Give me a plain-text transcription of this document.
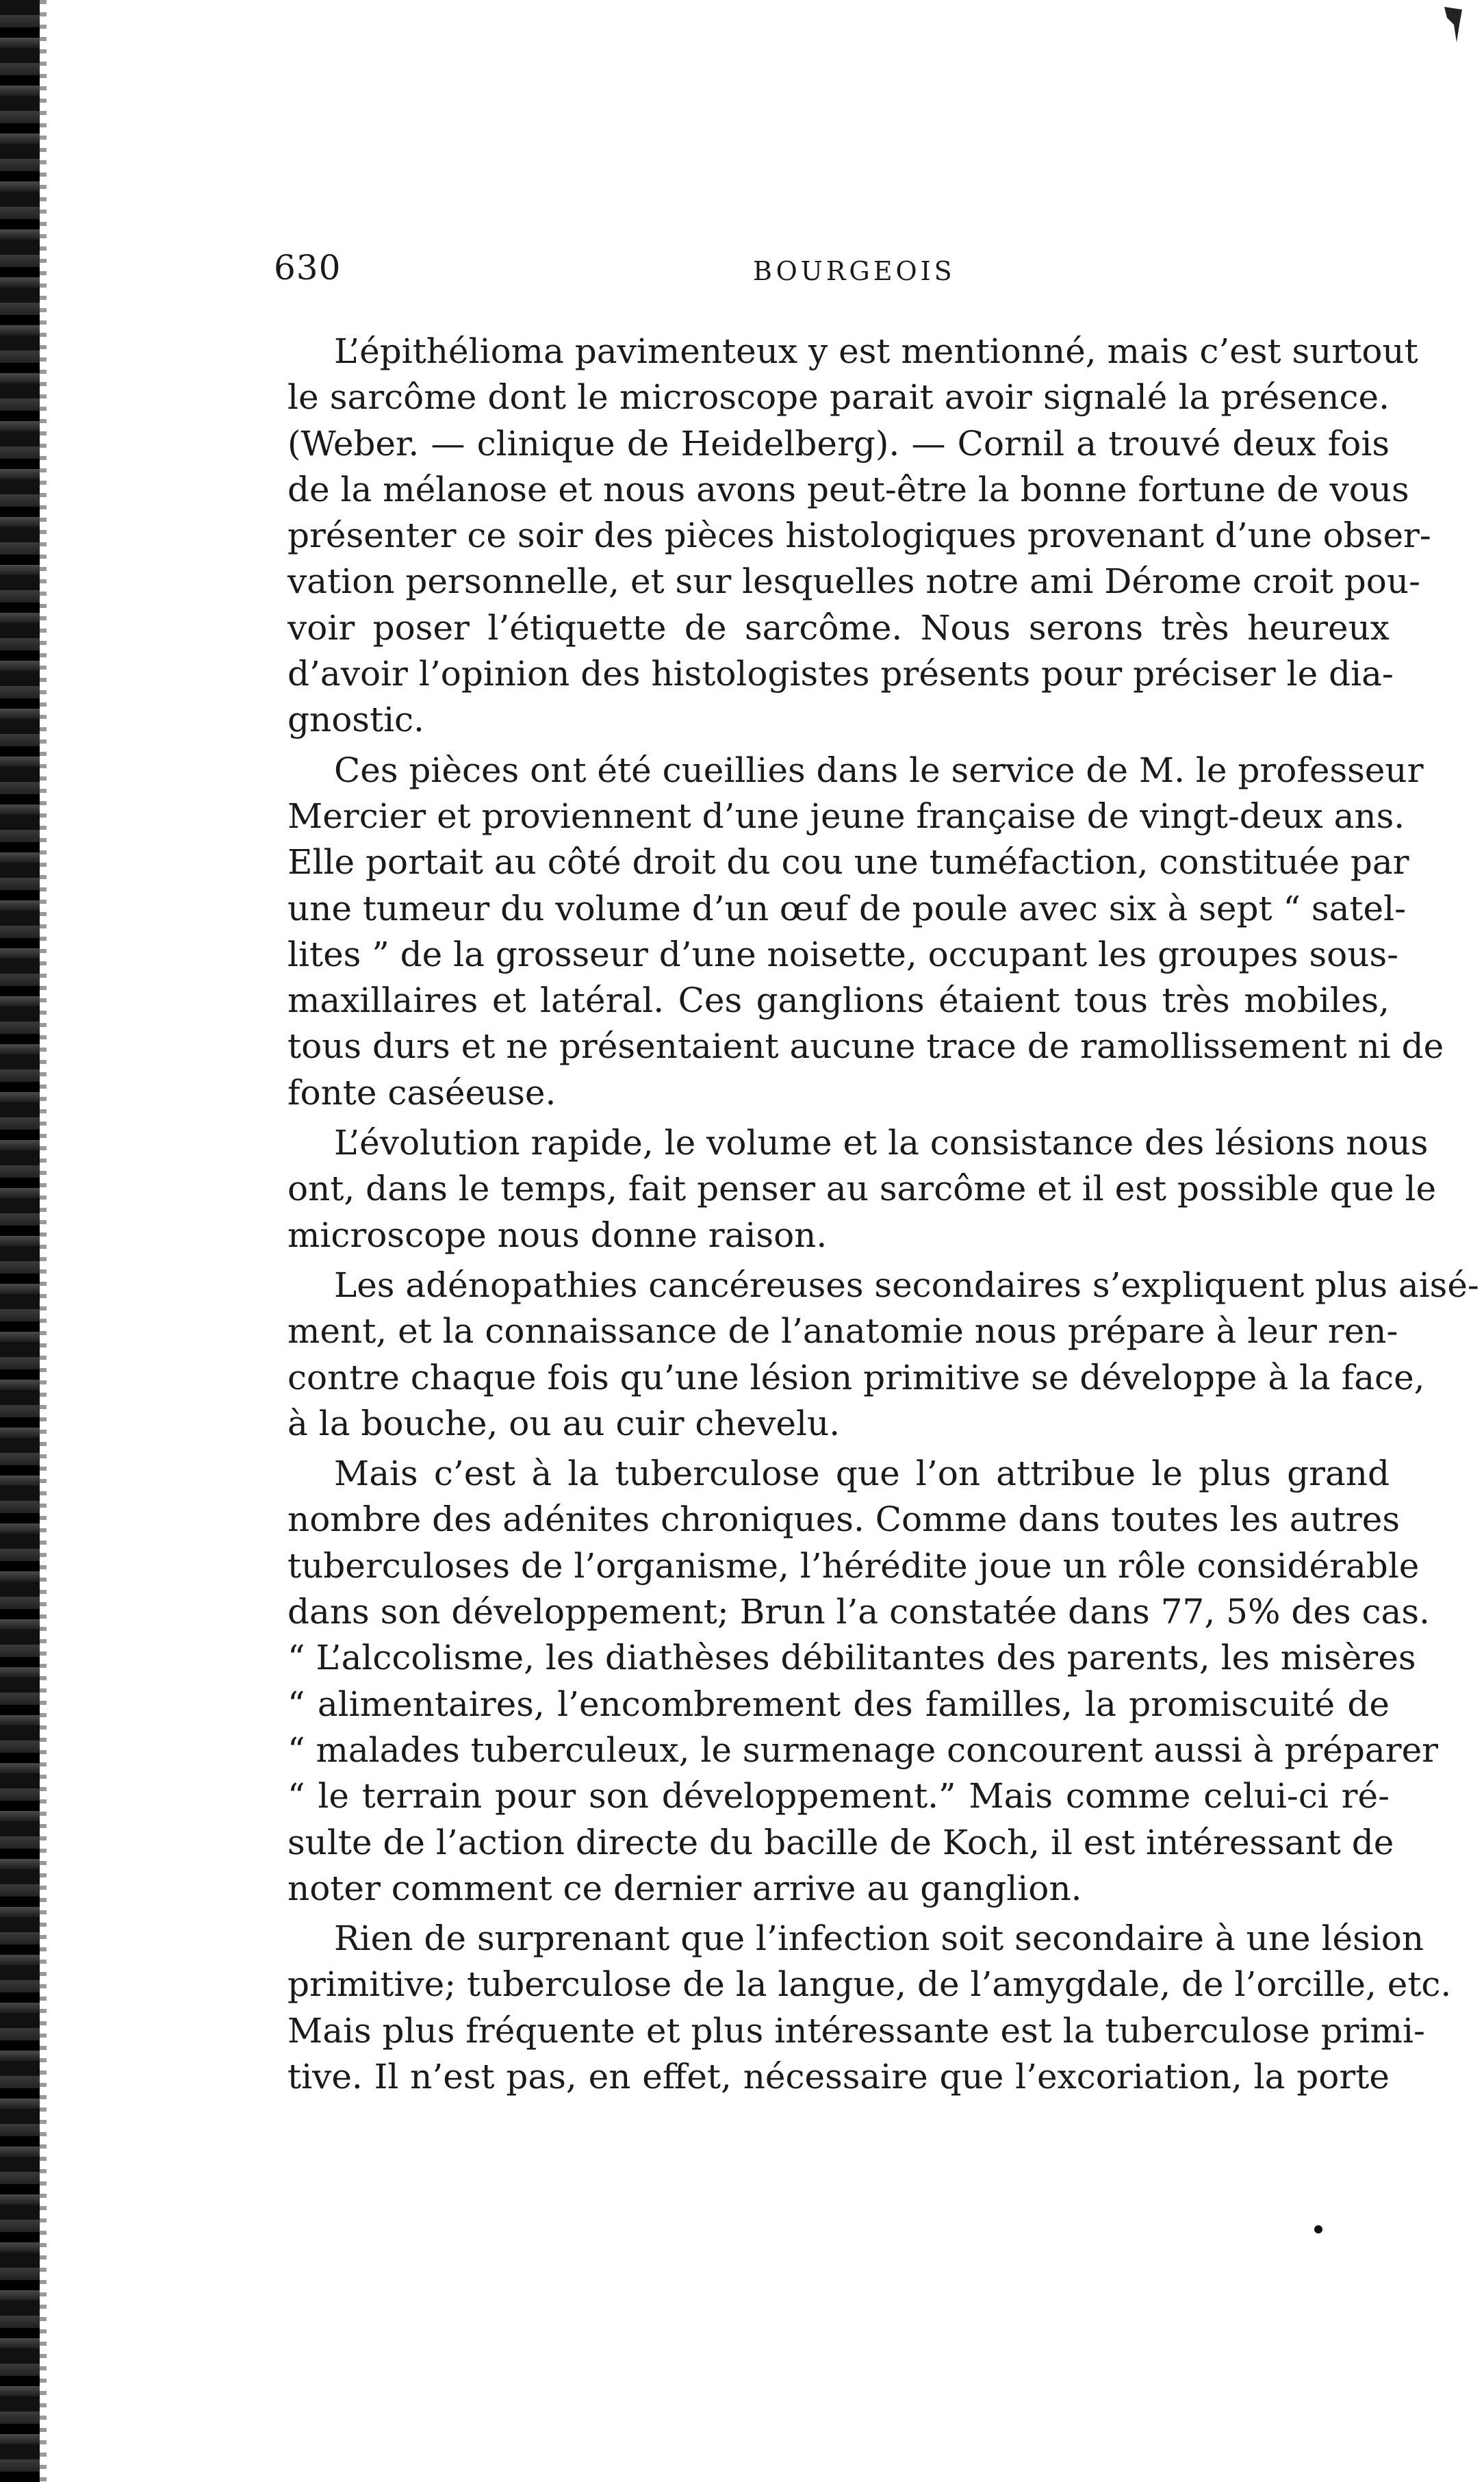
630	BOURGEOIS
L’épithélioma pavimenteux y est mentionné, mais c’est surtout
le sarcôme dont le microscope parait avoir signalé la présence.
(Weber. — clinique de Heidelberg). — Cornil a trouvé deux fois
de la mélanose et nous avons peut-être la bonne fortune de vous
présenter ce soir des pièces histologiques provenant d’une obser-
vation personnelle, et sur lesquelles notre ami Dérome croit pou-
voir poser l’étiquette de sarcôme. Nous serons très heureux
d’avoir l’opinion des histologistes présents pour préciser le dia-
gnostic.
Ces pièces ont été cueillies dans le service de M. le professeur
Mercier et proviennent d’une jeune française de vingt-deux ans.
Elle portait au côté droit du cou une tuméfaction, constituée par
une tumeur du volume d’un œuf de poule avec six à sept “ satel-
lites ” de la grosseur d’une noisette, occupant les groupes sous-
maxillaires et latéral. Ces ganglions étaient tous très mobiles,
tous durs et ne présentaient aucune trace de ramollissement ni de
fonte caséeuse.
L’évolution rapide, le volume et la consistance des lésions nous
ont, dans le temps, fait penser au sarcôme et il est possible que le
microscope nous donne raison.
Les adénopathies cancéreuses secondaires s’expliquent plus aisé-
ment, et la connaissance de l’anatomie nous prépare à leur ren-
contre chaque fois qu’une lésion primitive se développe à la face,
à la bouche, ou au cuir chevelu.
Mais c’est à la tuberculose que l’on attribue le plus grand
nombre des adénites chroniques. Comme dans toutes les autres
tuberculoses de l’organisme, l’hérédite joue un rôle considérable
dans son développement; Brun l’a constatée dans 77, 5% des cas.
“ L’alccolisme, les diathèses débilitantes des parents, les misères
“ alimentaires, l’encombrement des familles, la promiscuité de
“ malades tuberculeux, le surmenage concourent aussi à préparer
“ le terrain pour son développement.” Mais comme celui-ci ré-
sulte de l’action directe du bacille de Koch, il est intéressant de
noter comment ce dernier arrive au ganglion.
Rien de surprenant que l’infection soit secondaire à une lésion
primitive; tuberculose de la langue, de l’amygdale, de l’orcille, etc.
Mais plus fréquente et plus intéressante est la tuberculose primi-
tive. Il n’est pas, en effet, nécessaire que l’excoriation, la porte
